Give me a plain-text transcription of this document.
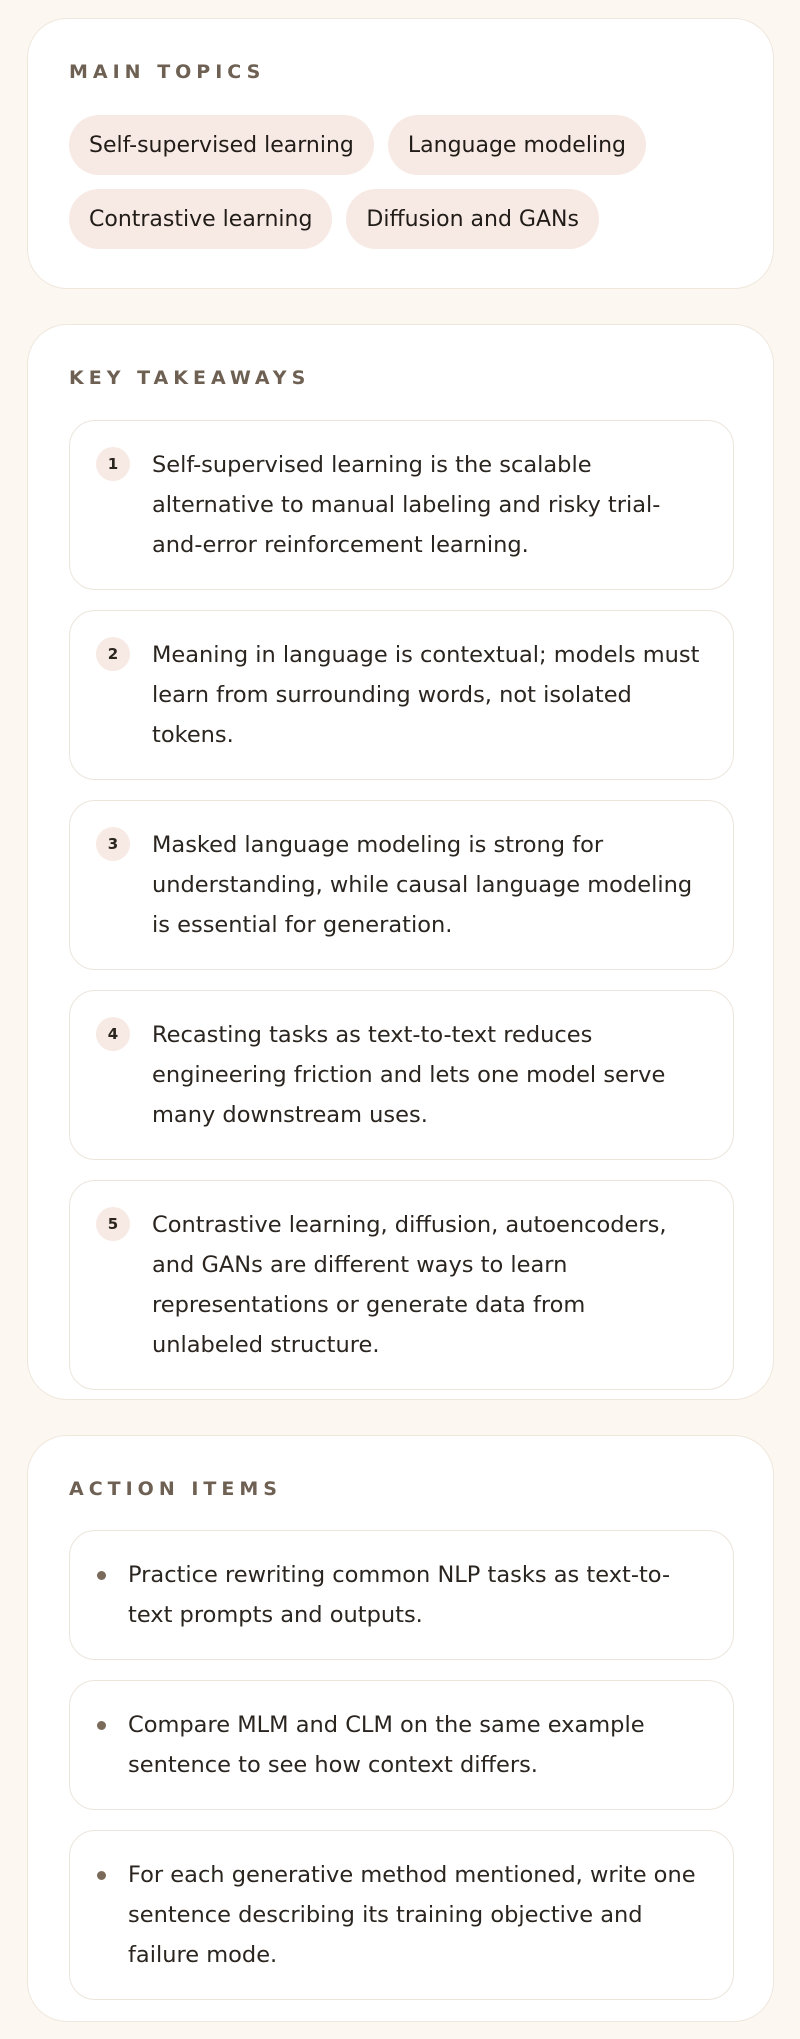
MAIN TOPICS
Self-supervised learning	Language modeling
Contrastive learning	Diffusion and GANs
KEY TAKEAWAYS
1	Self-supervised learning is the scalable alternative to manual labeling and risky trial-and-error reinforcement learning.
2	Meaning in language is contextual; models must learn from surrounding words, not isolated tokens.
3	Masked language modeling is strong for understanding, while causal language modeling is essential for generation.
4	Recasting tasks as text-to-text reduces engineering friction and lets one model serve many downstream uses.
5	Contrastive learning, diffusion, autoencoders, and GANs are different ways to learn representations or generate data from unlabeled structure.
ACTION ITEMS
Practice rewriting common NLP tasks as text-to-text prompts and outputs.
Compare MLM and CLM on the same example sentence to see how context differs.
For each generative method mentioned, write one sentence describing its training objective and failure mode.
